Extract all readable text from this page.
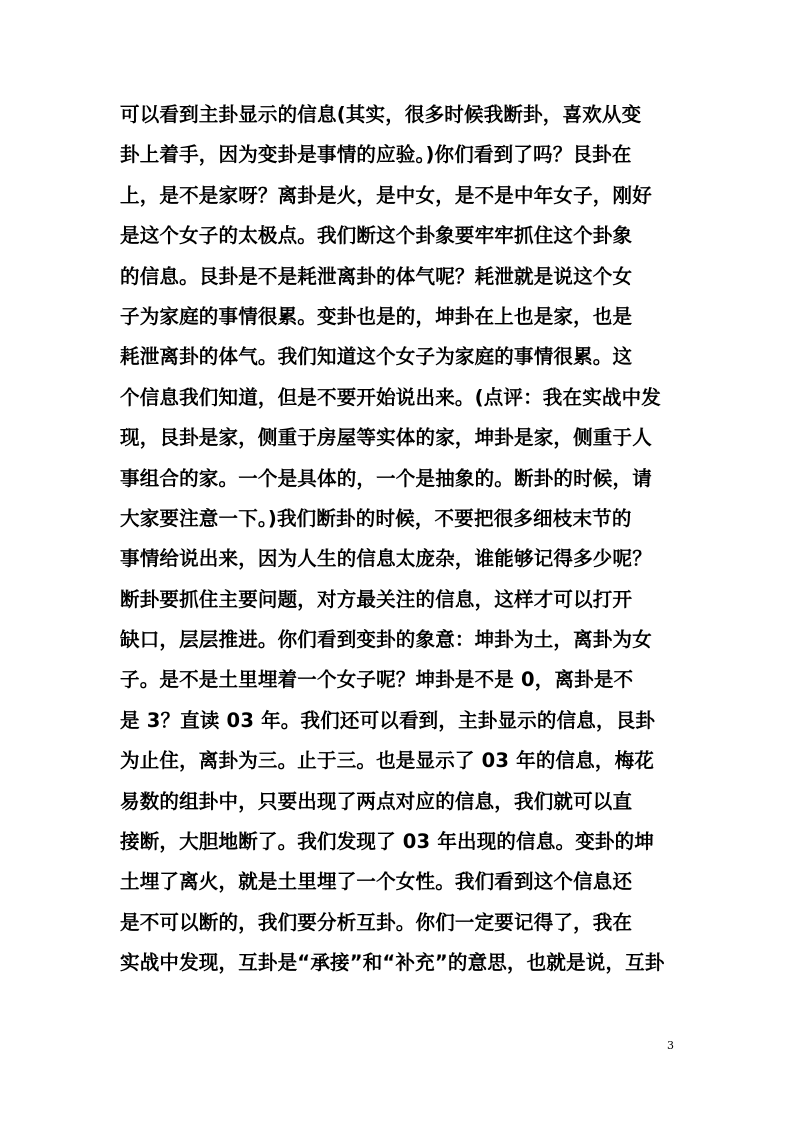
可以看到主卦显示的信息(其实，很多时候我断卦，喜欢从变
卦上着手，因为变卦是事情的应验。)你们看到了吗？艮卦在
上，是不是家呀？离卦是火，是中女，是不是中年女子，刚好
是这个女子的太极点。我们断这个卦象要牢牢抓住这个卦象
的信息。艮卦是不是耗泄离卦的体气呢？耗泄就是说这个女
子为家庭的事情很累。变卦也是的，坤卦在上也是家，也是
耗泄离卦的体气。我们知道这个女子为家庭的事情很累。这
个信息我们知道，但是不要开始说出来。(点评：我在实战中发
现，艮卦是家，侧重于房屋等实体的家，坤卦是家，侧重于人
事组合的家。一个是具体的，一个是抽象的。断卦的时候，请
大家要注意一下。)我们断卦的时候，不要把很多细枝末节的
事情给说出来，因为人生的信息太庞杂，谁能够记得多少呢？
断卦要抓住主要问题，对方最关注的信息，这样才可以打开
缺口，层层推进。你们看到变卦的象意：坤卦为土，离卦为女
子。是不是土里埋着一个女子呢？坤卦是不是 0，离卦是不
是 3？直读 03 年。我们还可以看到，主卦显示的信息，艮卦
为止住，离卦为三。止于三。也是显示了 03 年的信息，梅花
易数的组卦中，只要出现了两点对应的信息，我们就可以直
接断，大胆地断了。我们发现了 03 年出现的信息。变卦的坤
土埋了离火，就是土里埋了一个女性。我们看到这个信息还
是不可以断的，我们要分析互卦。你们一定要记得了，我在
实战中发现，互卦是“承接”和“补充”的意思，也就是说，互卦
3
